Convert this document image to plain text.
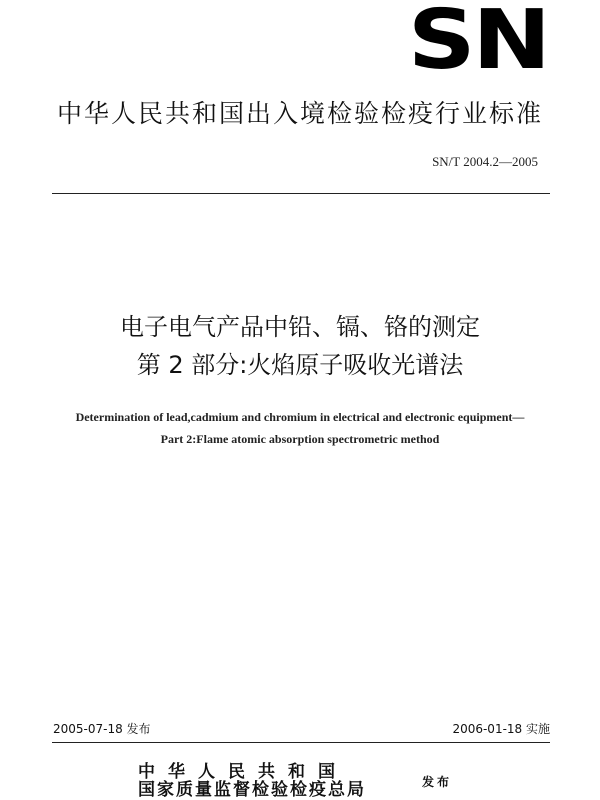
SN
中华人民共和国出入境检验检疫行业标准
SN/T 2004.2—2005
电子电气产品中铅、镉、铬的测定
第 2 部分:火焰原子吸收光谱法
Determination of lead,cadmium and chromium in electrical and electronic equipment—
Part 2:Flame atomic absorption spectrometric method
2005-07-18 发布	2006-01-18 实施
中华人民共和国
国家质量监督检验检疫总局	发布
